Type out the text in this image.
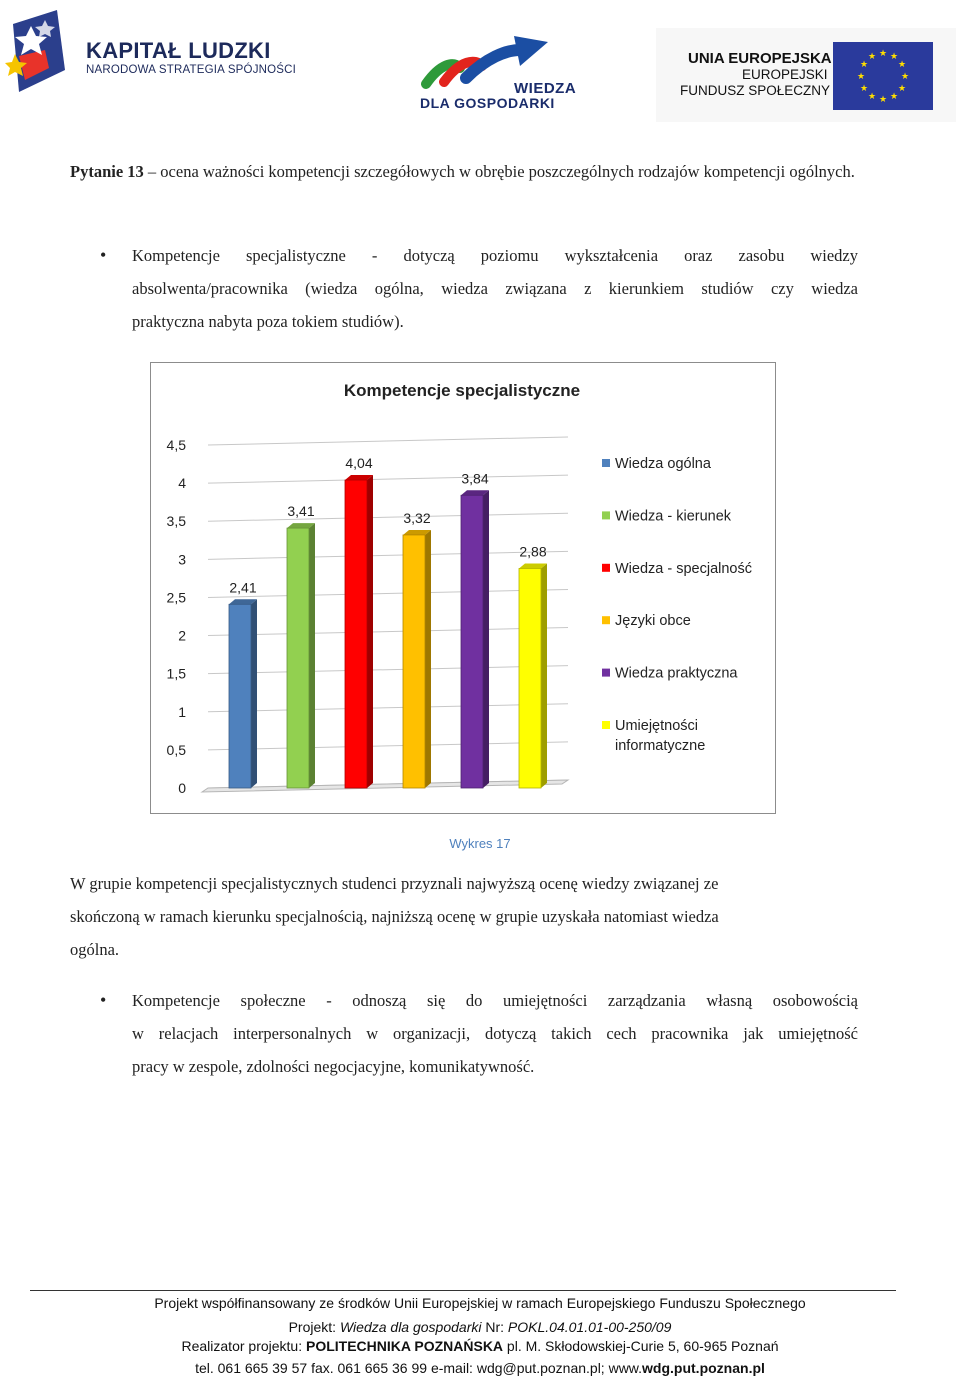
KAPITAŁ LUDZKI
NARODOWA STRATEGIA SPÓJNOŚCI
WIEDZA
DLA GOSPODARKI
UNIA EUROPEJSKA
EUROPEJSKI
FUNDUSZ SPOŁECZNY
★ ★
★
★
★
★
★
★
★
★
★
★
Pytanie 13 – ocena ważności kompetencji szczegółowych w obrębie poszczególnych rodzajów kompetencji ogólnych.
• Kompetencje specjalistyczne - dotyczą poziomu wykształcenia oraz zasobu wiedzy
absolwenta/pracownika (wiedza ogólna, wiedza związana z kierunkiem studiów czy wiedza
praktyczna nabyta poza tokiem studiów).
Kompetencje specjalistyczne
0
0,5
1
1,5
2
2,5
3
3,5
4
4,5
2,41
3,41
4,04
3,32
3,84
2,88
Wiedza ogólna
Wiedza - kierunek
Wiedza - specjalność
Języki obce
Wiedza praktyczna
Umiejętności
informatyczne
Wykres 17
W grupie kompetencji specjalistycznych studenci przyznali najwyższą ocenę wiedzy związanej ze
skończoną w ramach kierunku specjalnością, najniższą ocenę w grupie uzyskała natomiast wiedza
ogólna.
• Kompetencje społeczne - odnoszą się do umiejętności zarządzania własną osobowością
w relacjach interpersonalnych w organizacji, dotyczą takich cech pracownika jak umiejętność
pracy w zespole, zdolności negocjacyjne, komunikatywność.
Projekt współfinansowany ze środków Unii Europejskiej w ramach Europejskiego Funduszu Społecznego
Projekt: Wiedza dla gospodarki Nr: POKL.04.01.01-00-250/09
Realizator projektu: POLITECHNIKA POZNAŃSKA pl. M. Skłodowskiej-Curie 5, 60-965 Poznań
tel. 061 665 39 57 fax. 061 665 36 99 e-mail: wdg@put.poznan.pl; www.wdg.put.poznan.pl
